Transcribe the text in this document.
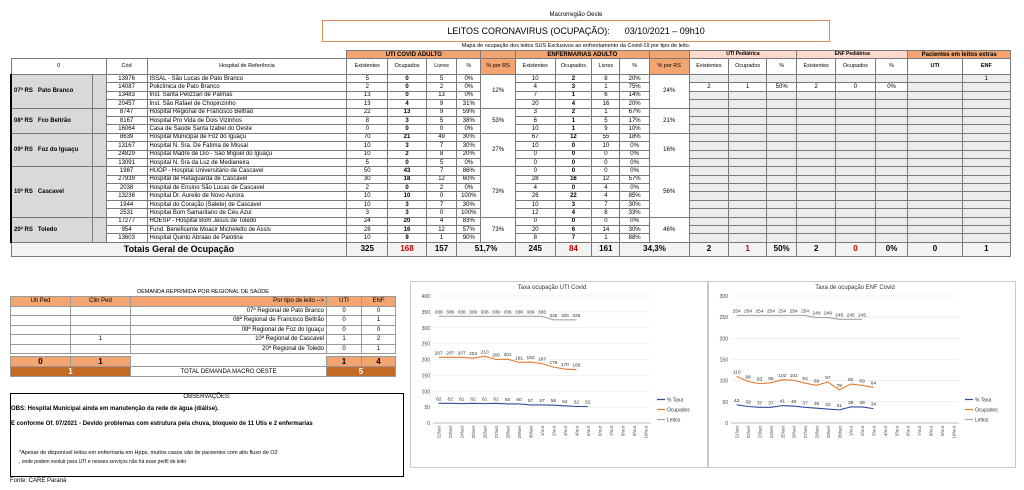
Macrorregião Oeste
LEITOS CORONAVIRUS (OCUPAÇÃO): 03/10/2021 – 09h10
Mapa de ocupação dos leitos SUS Exclusivos ao enfrentamento da Covid-19 por tipo de leito.
				UTI COVID ADULTO					ENFERMARIAS ADULTO					UTI Pediátrica			ENF Pediátrica			Pacientes em leitos extras	
0		Cód	Hospital de Referência	Existentes	Ocupados	Livres	%	% por RS	Existentes	Ocupados	Livres	%	% por RS	Existentes	Ocupados	%	Existentes	Ocupados	%	UTI	ENF
07ª RS Pato Branco		13976	ISSAL - São Lucas de Pato Branco	5	0	5	0%	12%	10	2	8	20%	24%								1
		14087	Policlínica de Pato Branco	2	0	2	0%		4	3	1	75%		2	1	50%	2	0	0%		
		13483	Inst. Santa Pelizzari de Palmas	13	0	13	0%		7	1	6	14%									
		20457	Inst. São Rafael de Chopinzinho	13	4	9	31%		20	4	16	20%									
08ª RS Fco Beltrão		8747	Hospital Regional de Francisco Beltrão	22	13	9	59%	53%	3	2	1	67%	21%								
		8167	Hospital Pro Vida de Dois Vizinhos	8	3	5	38%		6	1	5	17%									
		16064	Casa de Saúde Santa Izabel do Oeste	0	0	0	0%		10	1	9	10%									
09ª RS Foz do Iguaçu		8639	Hospital Municipal de Foz do Iguaçu	70	21	49	30%	27%	67	12	55	18%	16%								
		13167	Hospital N. Sra. De Fatima de Missal	10	3	7	30%		10	0	10	0%									
		24829	Hospital Madre de Dio - São Miguel do Iguaçu	10	2	8	20%		0	0	0	0%									
		13091	Hospital N. Sra da Luz de Medianeira	5	0	5	0%		0	0	0	0%									
10ª RS Cascavel		1987	HUOP - Hospital Universitário de Cascavel	50	43	7	86%	73%	0	0	0	0%	56%								
		27939	Hospital de Retaguarda de Cascavel	30	18	12	60%		28	16	12	57%									
		2038	Hospital de Ensino São Lucas de Cascavel	2	0	2	0%		4	0	4	0%									
		13236	Hospital Dr. Aurelio de Novo Aurora	10	10	0	100%		26	22	4	85%									
		1944	Hospital do Coração (Salete) de Cascavel	10	3	7	30%		10	3	7	30%									
		2531	Hospital Bom Samaritano de Céu Azul	3	3	0	100%		12	4	8	33%									
20ª RS Toledo		17277	HOESP - Hospital Bom Jesus de Toledo	24	20	4	83%	73%	0	0	0	0%	46%								
		954	Fund. Beneficente Moacir Micheletto de Assis	28	16	12	57%		20	6	14	30%									
		13603	Hospital Quinto Abraao de Palotina	10	9	1	90%		8	7	1	88%									
Totais Geral de Ocupação				325	168	157	51,7%		245	84	161	34,3%		2	1	50%	2	0	0%	0	1
DEMANDA REPRIMIDA POR REGIONAL DE SAÚDE				
Uti Ped	Clin Ped	Por tipo de leito -->	UTI	ENF
		07ª Regional de Pato Branco	0	0
		08ª Regional de Francisco Beltrão	0	1
		09ª Regional de Foz do Iguaçu	0	0
	1	10ª Regional de Cascavel	1	2
		20ª Regional de Toledo	0	1

0	1		1	4
1		TOTAL DEMANDA MACRO OESTE	5	
OBS: Hospital Municipal ainda em manutenção da rede de água (diálise).
E conforme Of. 07/2021 - Devido problemas com estrutura pela chuva, bloqueio de 11 Utis e 2 enfermarias
*Apesar de disponível leitos em enfermaria em Hpps, muitos casos são de pacientes com alto fluxo de O2
, onde podem evoluir para UTI e nesses serviços não há esse perfil de leito
OBSERVAÇÕES:
Fonte: CARE Paraná
Taxa ocupação UTI Covid
0
50
100
150
200
250
300
350
400
22/set 23/set 24/set 25/set 26/set 27/set 28/set 29/set 30/set 1/out 2/out 3/out 4/out 5/out 6/out 7/out 8/out 9/out 10/out
62 62 61 62 61 62 60 60 57 57 56 54 52 52	% Taxa
207 207 207 204 210
200 201
191 192 187
176 170 168
Ocupados
336 336 336 336 336 336 336 336 336 336
325 325 325
Leitos
Taxa de ocupação ENF Covid
0
50
100
150
200
250
300
21/set 22/set 23/set 24/set 25/set 26/set 27/set 28/set 29/set 30/set 1/out 2/out 3/out 4/out 5/out 6/out 7/out 8/out 9/out 10/out
43 39 37 37 41 40 37 35 33 31
38 38 34
% Taxa
110
98 93 95
102 101
94 89
97
78
92 89 84
Ocupados
254 254 254 254 254 254 254 249 249 245 245 245
Leitos
